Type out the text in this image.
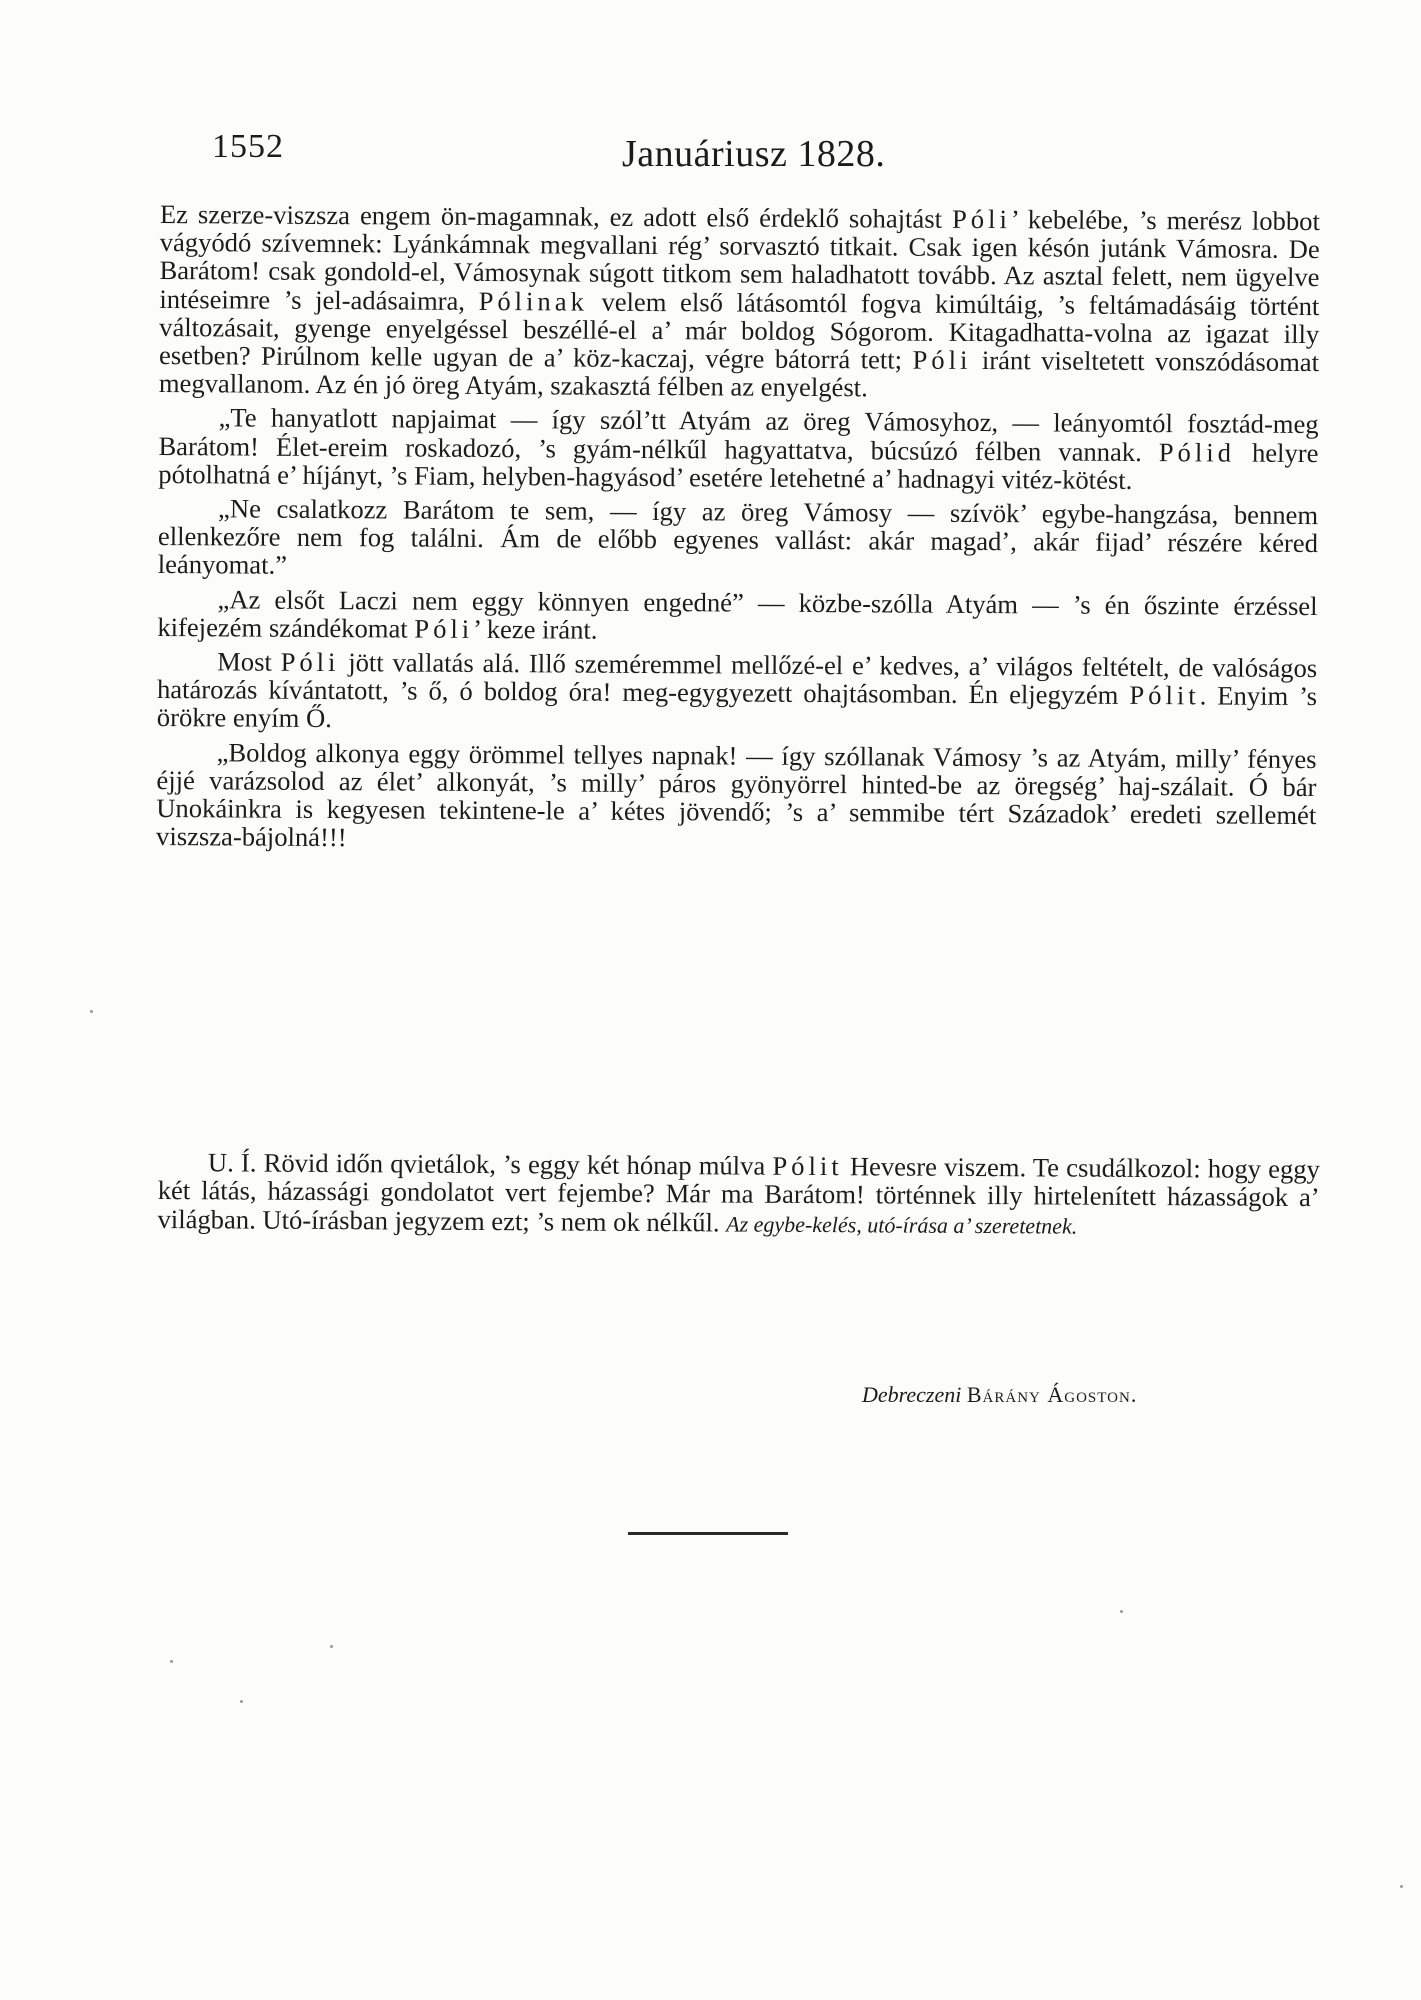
1552	Januáriusz 1828.

Ez szerze-viszsza engem ön-magamnak, ez adott első érdeklő sohajtást Póli’ kebelébe, ’s merész lobbot vágyódó szívemnek: Lyánkámnak megvallani rég’ sorvasztó titkait. Csak igen késón jutánk Vámosra. De Barátom! csak gondold-el, Vámosynak súgott titkom sem haladhatott tovább. Az asztal felett, nem ügyelve intéseimre ’s jel-adásaimra, Pólinak velem első látásomtól fogva kimúltáig, ’s feltámadásáig történt változásait, gyenge enyelgéssel beszéllé-el a’ már boldog Sógorom. Kitagadhatta-volna az igazat illy esetben? Pirúlnom kelle ugyan de a’ köz-kaczaj, végre bátorrá tett; Póli iránt viseltetett vonszódásomat megvallanom. Az én jó öreg Atyám, szakasztá félben az enyelgést.

„Te hanyatlott napjaimat — így szól’tt Atyám az öreg Vámosyhoz, — leányomtól fosztád-meg Barátom! Élet-ereim roskadozó, ’s gyám-nélkűl hagyattatva, búcsúzó félben vannak. Pólid helyre pótolhatná e’ híjányt, ’s Fiam, helyben-hagyásod’ esetére letehetné a’ hadnagyi vitéz-kötést.

„Ne csalatkozz Barátom te sem, — így az öreg Vámosy — szívök’ egybe-hangzása, bennem ellenkezőre nem fog találni. Ám de előbb egyenes vallást: akár magad’, akár fijad’ részére kéred leányomat.”

„Az elsőt Laczi nem eggy könnyen engedné” — közbe-szólla Atyám — ’s én őszinte érzéssel kifejezém szándékomat Póli’ keze iránt.

Most Póli jött vallatás alá. Illő szeméremmel mellőzé-el e’ kedves, a’ világos feltételt, de valóságos határozás kívántatott, ’s ő, ó boldog óra! meg-egygyezett ohajtásomban. Én eljegyzém Pólit. Enyim ’s örökre enyím Ő.

„Boldog alkonya eggy örömmel tellyes napnak! — így szóllanak Vámosy ’s az Atyám, milly’ fényes éjjé varázsolod az élet’ alkonyát, ’s milly’ páros gyönyörrel hinted-be az öregség’ haj-szálait. Ó bár Unokáinkra is kegyesen tekintene-le a’ kétes jövendő; ’s a’ semmibe tért Századok’ eredeti szellemét viszsza-bájolná!!!

U. Í. Rövid időn qvietálok, ’s eggy két hónap múlva Pólit Hevesre viszem. Te csudálkozol: hogy eggy két látás, házassági gondolatot vert fejembe? Már ma Barátom! történnek illy hirtelenített házasságok a’ világban. Utó-írásban jegyzem ezt; ’s nem ok nélkűl. Az egybe-kelés, utó-írása a’ szeretetnek.

Debreczeni Bárány Ágoston.
